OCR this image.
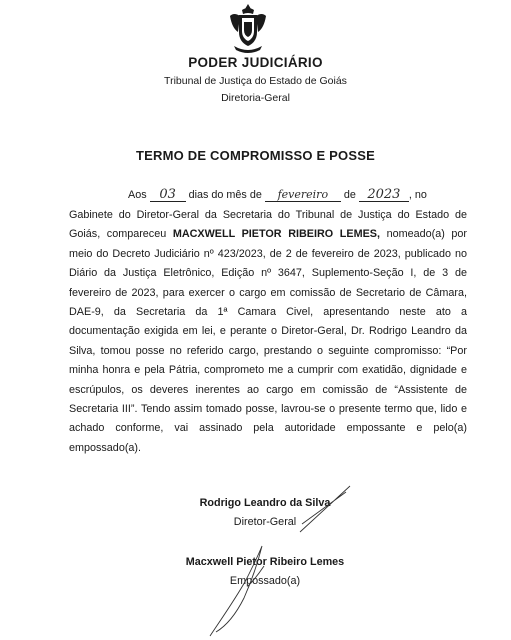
PODER JUDICIÁRIO
Tribunal de Justiça do Estado de Goiás
Diretoria-Geral
TERMO DE COMPROMISSO E POSSE
Aos 03 dias do mês de fevereiro de 2023 , no
Gabinete do Diretor-Geral da Secretaria do Tribunal de Justiça do Estado de Goiás, compareceu MACXWELL PIETOR RIBEIRO LEMES, nomeado(a) por meio do Decreto Judiciário nº 423/2023, de 2 de fevereiro de 2023, publicado no Diário da Justiça Eletrônico, Edição nº 3647, Suplemento-Seção I, de 3 de fevereiro de 2023, para exercer o cargo em comissão de Secretario de Câmara, DAE-9, da Secretaria da 1ª Camara Civel, apresentando neste ato a documentação exigida em lei, e perante o Diretor-Geral, Dr. Rodrigo Leandro da Silva, tomou posse no referido cargo, prestando o seguinte compromisso: “Por minha honra e pela Pátria, comprometo me a cumprir com exatidão, dignidade e escrúpulos, os deveres inerentes ao cargo em comissão de “Assistente de Secretaria III”. Tendo assim tomado posse, lavrou-se o presente termo que, lido e achado conforme, vai assinado pela autoridade empossante e pelo(a) empossado(a).
Rodrigo Leandro da Silva
Diretor-Geral
Macxwell Pietor Ribeiro Lemes
Empossado(a)
